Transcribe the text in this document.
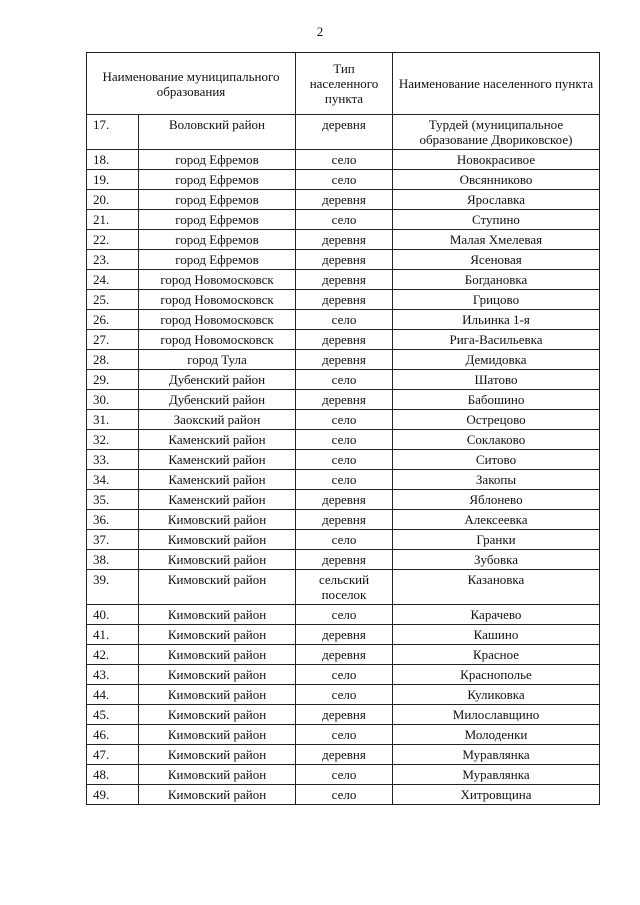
2
Наименование муниципального образования		Тип населенного пункта	Наименование населенного пункта
17.	Воловский район	деревня	Турдей (муниципальное образование Двориковское)
18.	город Ефремов	село	Новокрасивое
19.	город Ефремов	село	Овсянниково
20.	город Ефремов	деревня	Ярославка
21.	город Ефремов	село	Ступино
22.	город Ефремов	деревня	Малая Хмелевая
23.	город Ефремов	деревня	Ясеновая
24.	город Новомосковск	деревня	Богдановка
25.	город Новомосковск	деревня	Грицово
26.	город Новомосковск	село	Ильинка 1-я
27.	город Новомосковск	деревня	Рига-Васильевка
28.	город Тула	деревня	Демидовка
29.	Дубенский район	село	Шатово
30.	Дубенский район	деревня	Бабошино
31.	Заокский район	село	Острецово
32.	Каменский район	село	Соклаково
33.	Каменский район	село	Ситово
34.	Каменский район	село	Закопы
35.	Каменский район	деревня	Яблонево
36.	Кимовский район	деревня	Алексеевка
37.	Кимовский район	село	Гранки
38.	Кимовский район	деревня	Зубовка
39.	Кимовский район	сельский поселок	Казановка
40.	Кимовский район	село	Карачево
41.	Кимовский район	деревня	Кашино
42.	Кимовский район	деревня	Красное
43.	Кимовский район	село	Краснополье
44.	Кимовский район	село	Куликовка
45.	Кимовский район	деревня	Милославщино
46.	Кимовский район	село	Молоденки
47.	Кимовский район	деревня	Муравлянка
48.	Кимовский район	село	Муравлянка
49.	Кимовский район	село	Хитровщина
